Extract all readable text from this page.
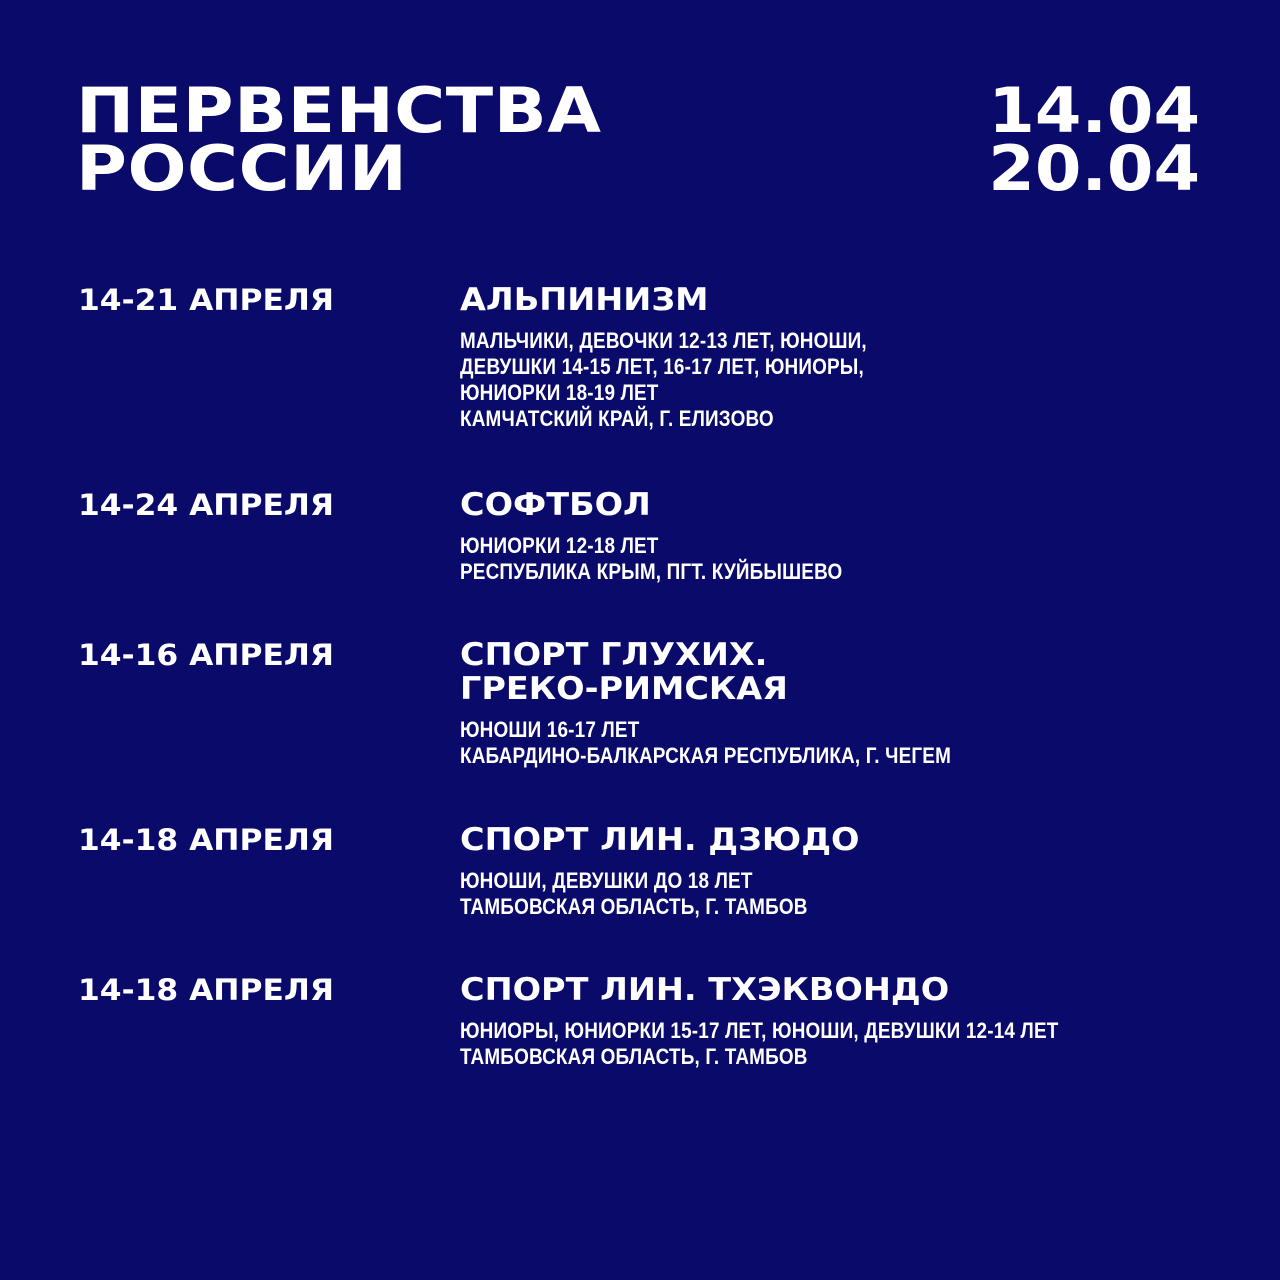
ПЕРВЕНСТВА
РОССИИ
14.04
20.04
14-21 АПРЕЛЯ	АЛЬПИНИЗМ
МАЛЬЧИКИ, ДЕВОЧКИ 12-13 ЛЕТ, ЮНОШИ,
ДЕВУШКИ 14-15 ЛЕТ, 16-17 ЛЕТ, ЮНИОРЫ,
ЮНИОРКИ 18-19 ЛЕТ
КАМЧАТСКИЙ КРАЙ, Г. ЕЛИЗОВО
14-24 АПРЕЛЯ	СОФТБОЛ
ЮНИОРКИ 12-18 ЛЕТ
РЕСПУБЛИКА КРЫМ, ПГТ. КУЙБЫШЕВО
14-16 АПРЕЛЯ	СПОРТ ГЛУХИХ.
ГРЕКО-РИМСКАЯ
ЮНОШИ 16-17 ЛЕТ
КАБАРДИНО-БАЛКАРСКАЯ РЕСПУБЛИКА, Г. ЧЕГЕМ
14-18 АПРЕЛЯ	СПОРТ ЛИН. ДЗЮДО
ЮНОШИ, ДЕВУШКИ ДО 18 ЛЕТ
ТАМБОВСКАЯ ОБЛАСТЬ, Г. ТАМБОВ
14-18 АПРЕЛЯ	СПОРТ ЛИН. ТХЭКВОНДО
ЮНИОРЫ, ЮНИОРКИ 15-17 ЛЕТ, ЮНОШИ, ДЕВУШКИ 12-14 ЛЕТ
ТАМБОВСКАЯ ОБЛАСТЬ, Г. ТАМБОВ
